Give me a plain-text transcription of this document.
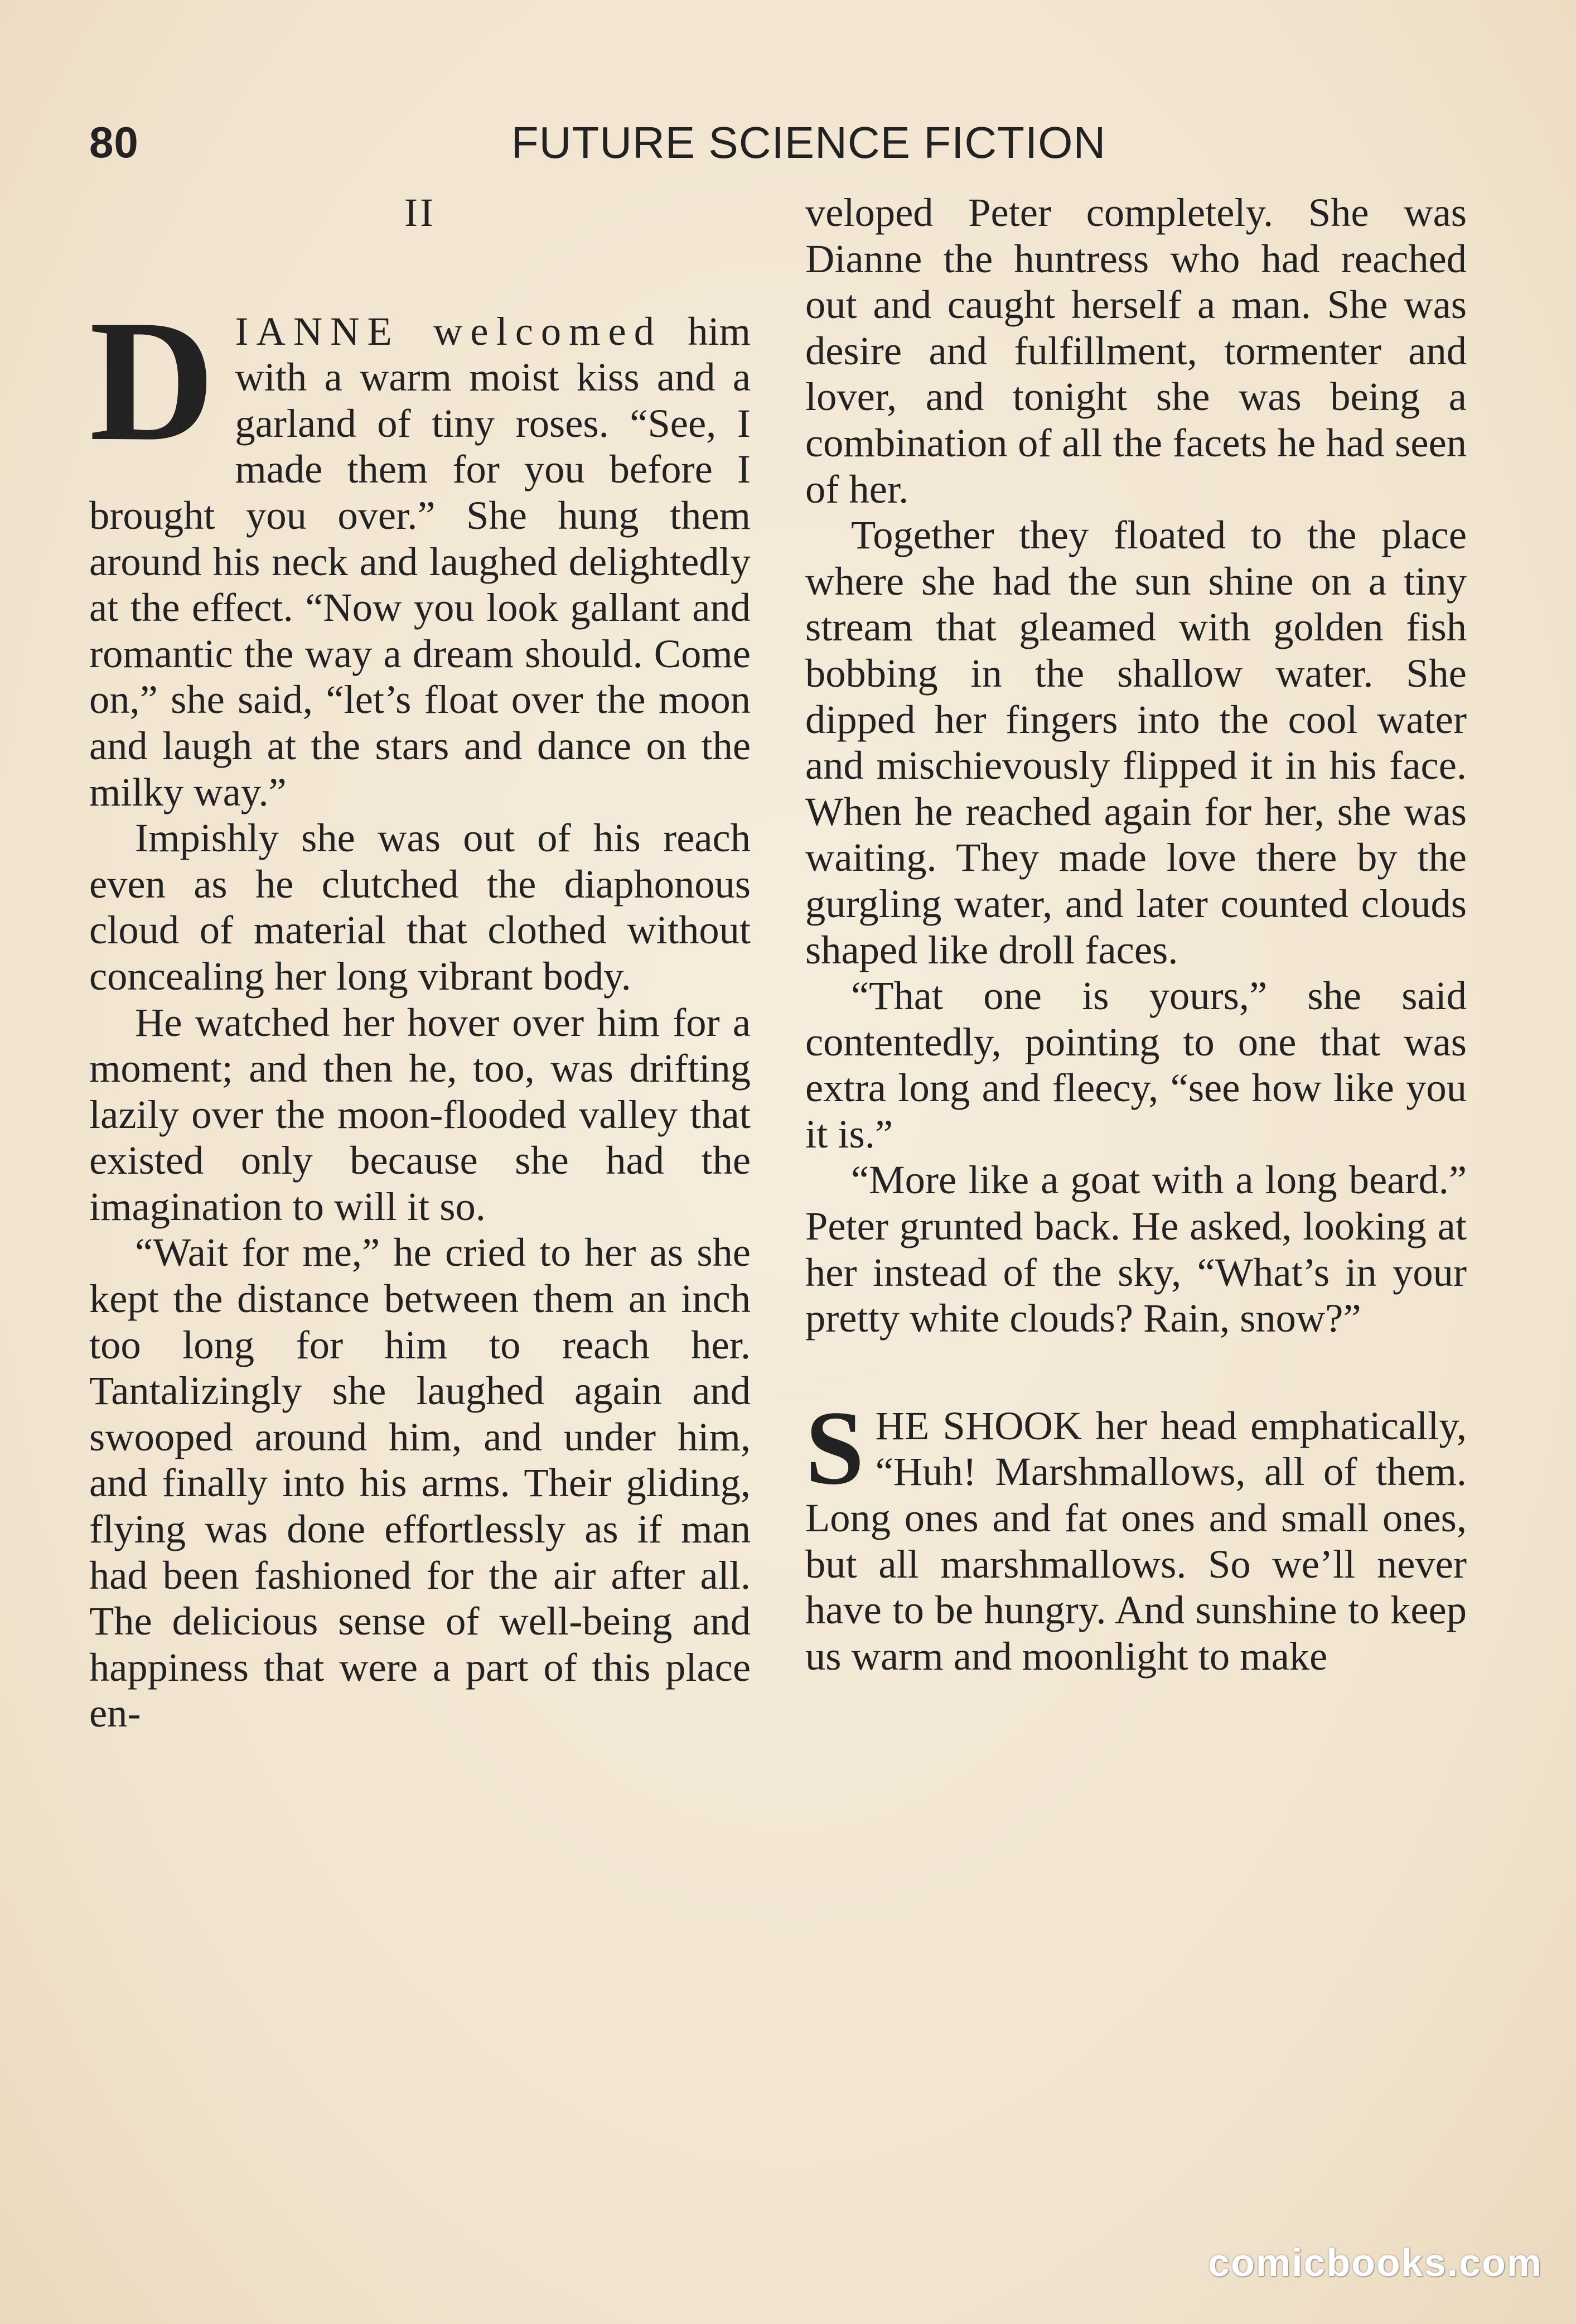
80	FUTURE SCIENCE FICTION
II
D IANNE welcomed him with a warm moist kiss and a garland of tiny roses. “See, I made them for you before I brought you over.” She hung them around his neck and laughed delightedly at the effect. “Now you look gallant and romantic the way a dream should. Come on,” she said, “let’s float over the moon and laugh at the stars and dance on the milky way.”

Impishly she was out of his reach even as he clutched the diaphonous cloud of material that clothed without concealing her long vibrant body.

He watched her hover over him for a moment; and then he, too, was drifting lazily over the moon-flooded valley that existed only because she had the imagination to will it so.

“Wait for me,” he cried to her as she kept the distance between them an inch too long for him to reach her. Tantalizingly she laughed again and swooped around him, and under him, and finally into his arms. Their gliding, flying was done effortlessly as if man had been fashioned for the air after all. The delicious sense of well-being and happiness that were a part of this place en-

veloped Peter completely. She was Dianne the huntress who had reached out and caught herself a man. She was desire and fulfillment, tormenter and lover, and tonight she was being a combination of all the facets he had seen of her.

Together they floated to the place where she had the sun shine on a tiny stream that gleamed with golden fish bobbing in the shallow water. She dipped her fingers into the cool water and mischievously flipped it in his face. When he reached again for her, she was waiting. They made love there by the gurgling water, and later counted clouds shaped like droll faces.

“That one is yours,” she said contentedly, pointing to one that was extra long and fleecy, “see how like you it is.”

“More like a goat with a long beard.” Peter grunted back. He asked, looking at her instead of the sky, “What’s in your pretty white clouds? Rain, snow?”

S HE SHOOK her head emphatically, “Huh! Marshmallows, all of them. Long ones and fat ones and small ones, but all marshmallows. So we’ll never have to be hungry. And sunshine to keep us warm and moonlight to make

comicbooks.com
